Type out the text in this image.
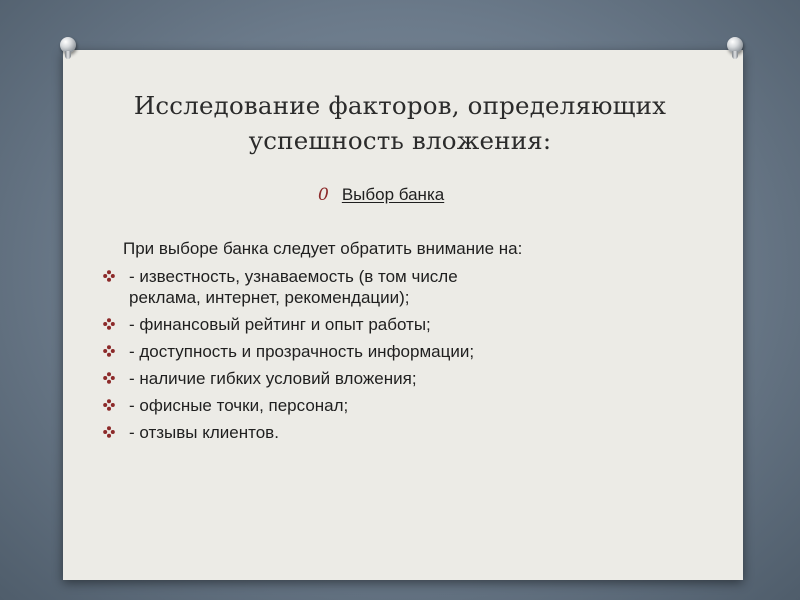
Исследование факторов, определяющих
успешность вложения:
0 Выбор банка
При выборе банка следует обратить внимание на:
- известность, узнаваемость (в том числе
реклама, интернет, рекомендации);
- финансовый рейтинг и опыт работы;
- доступность и прозрачность информации;
- наличие гибких условий вложения;
- офисные точки, персонал;
- отзывы клиентов.
